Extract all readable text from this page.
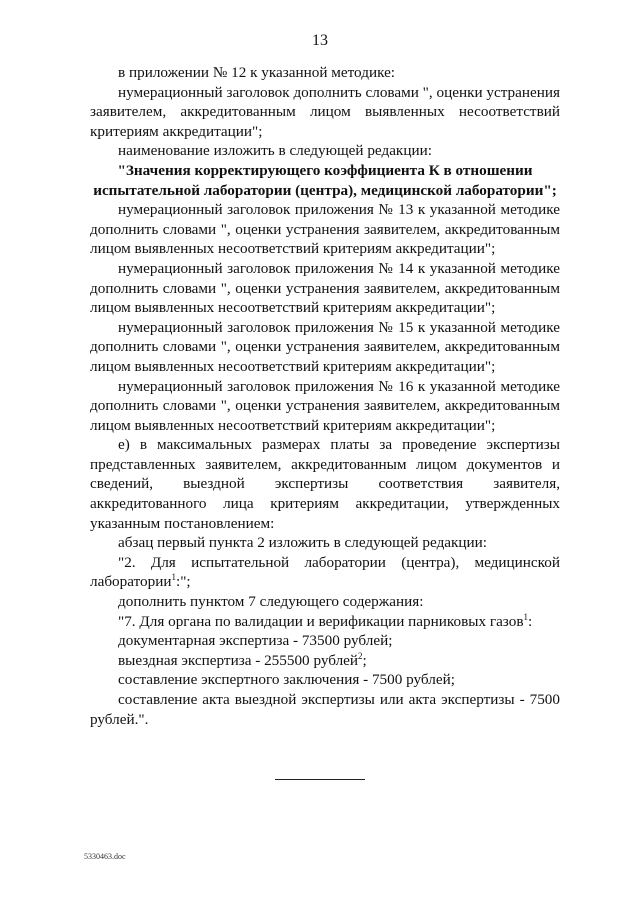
13

в приложении № 12 к указанной методике:

нумерационный заголовок дополнить словами ", оценки устранения заявителем, аккредитованным лицом выявленных несоответствий критериям аккредитации";

наименование изложить в следующей редакции:

"Значения корректирующего коэффициента К в отношении испытательной лаборатории (центра), медицинской лаборатории";

нумерационный заголовок приложения № 13 к указанной методике дополнить словами ", оценки устранения заявителем, аккредитованным лицом выявленных несоответствий критериям аккредитации";

нумерационный заголовок приложения № 14 к указанной методике дополнить словами ", оценки устранения заявителем, аккредитованным лицом выявленных несоответствий критериям аккредитации";

нумерационный заголовок приложения № 15 к указанной методике дополнить словами ", оценки устранения заявителем, аккредитованным лицом выявленных несоответствий критериям аккредитации";

нумерационный заголовок приложения № 16 к указанной методике дополнить словами ", оценки устранения заявителем, аккредитованным лицом выявленных несоответствий критериям аккредитации";

е) в максимальных размерах платы за проведение экспертизы представленных заявителем, аккредитованным лицом документов и сведений, выездной экспертизы соответствия заявителя, аккредитованного лица критериям аккредитации, утвержденных указанным постановлением:

абзац первый пункта 2 изложить в следующей редакции:

"2. Для испытательной лаборатории (центра), медицинской лаборатории$^1$:";

дополнить пунктом 7 следующего содержания:

"7. Для органа по валидации и верификации парниковых газов$^1$:

документарная экспертиза - 73500 рублей;

выездная экспертиза - 255500 рублей$^2$;

составление экспертного заключения - 7500 рублей;

составление акта выездной экспертизы или акта экспертизы - 7500 рублей.".

5330463.doc
